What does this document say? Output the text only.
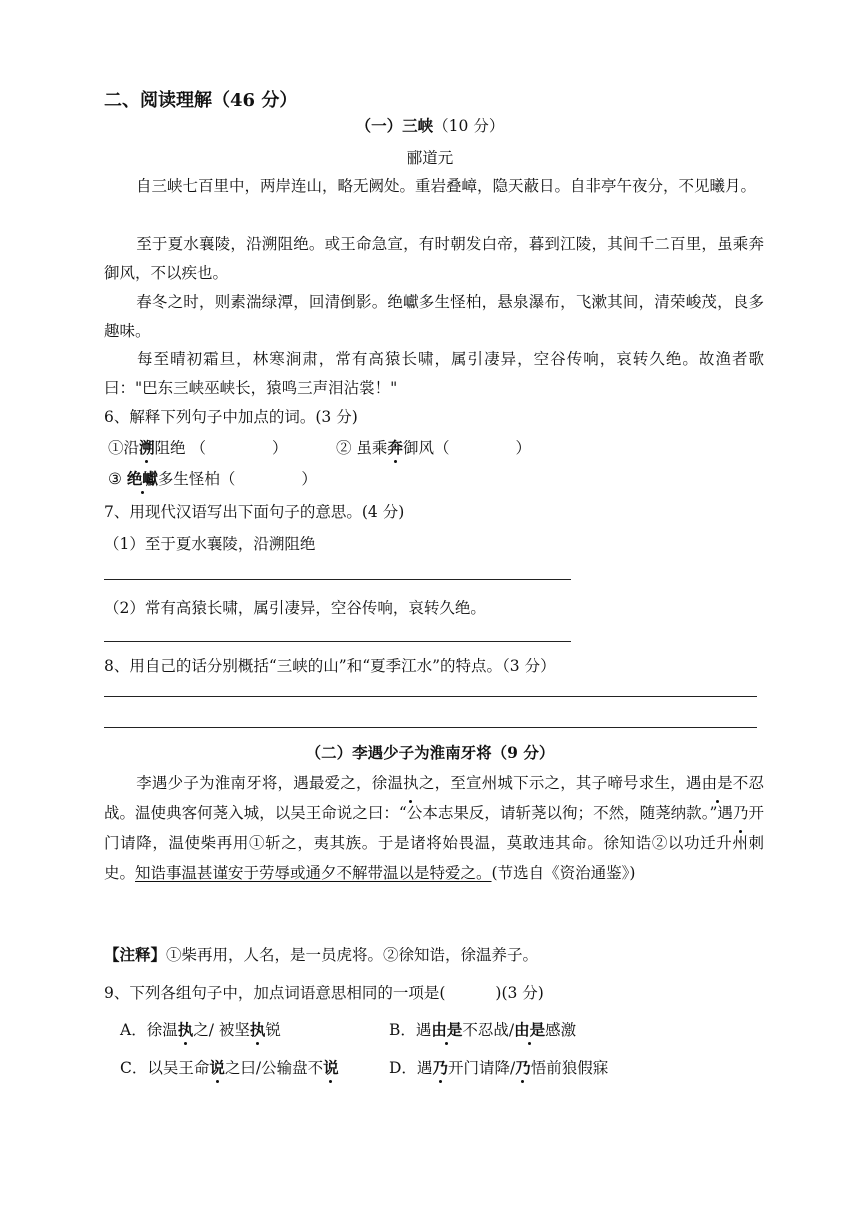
二、阅读理解（46 分）
（一）三峡（10 分）
郦道元
自三峡七百里中，两岸连山，略无阙处。重岩叠嶂，隐天蔽日。自非亭午夜分，不见曦月。
至于夏水襄陵，沿溯阻绝。或王命急宣，有时朝发白帝，暮到江陵，其间千二百里，虽乘奔御风，不以疾也。
春冬之时，则素湍绿潭，回清倒影。绝巘多生怪柏，悬泉瀑布，飞漱其间，清荣峻茂，良多趣味。
每至晴初霜旦，林寒涧肃，常有高猿长啸，属引凄异，空谷传响，哀转久绝。故渔者歌曰："巴东三峡巫峡长，猿鸣三声泪沾裳！"
6、解释下列句子中加点的词。(3 分)
①沿溯阻绝 （	）	② 虽乘奔御风（	）
③ 绝巘多生怪柏（	）
7、用现代汉语写出下面句子的意思。(4 分)
（1）至于夏水襄陵，沿溯阻绝
（2）常有高猿长啸，属引凄异，空谷传响，哀转久绝。
8、用自己的话分别概括“三峡的山”和“夏季江水”的特点。（3 分）
（二）李遇少子为淮南牙将（9 分）
李遇少子为淮南牙将，遇最爱之，徐温执之，至宣州城下示之，其子啼号求生，遇由是不忍战。温使典客何荛入城，以吴王命说之曰：“公本志果反，请斩荛以徇；不然，随荛纳款。”遇乃开门请降，温使柴再用①斩之，夷其族。于是诸将始畏温，莫敢违其命。徐知诰②以功迁升州刺史。知诰事温甚谨安于劳辱或通夕不解带温以是特爱之。(节选自《资治通鉴》)
【注释】①柴再用，人名，是一员虎将。②徐知诰，徐温养子。
9、下列各组句子中，加点词语意思相同的一项是(	)(3 分)
A．徐温执之/ 被坚执锐	B．遇由是不忍战/由是感激
C．以吴王命说之曰/公输盘不说	D．遇乃开门请降/乃悟前狼假寐
